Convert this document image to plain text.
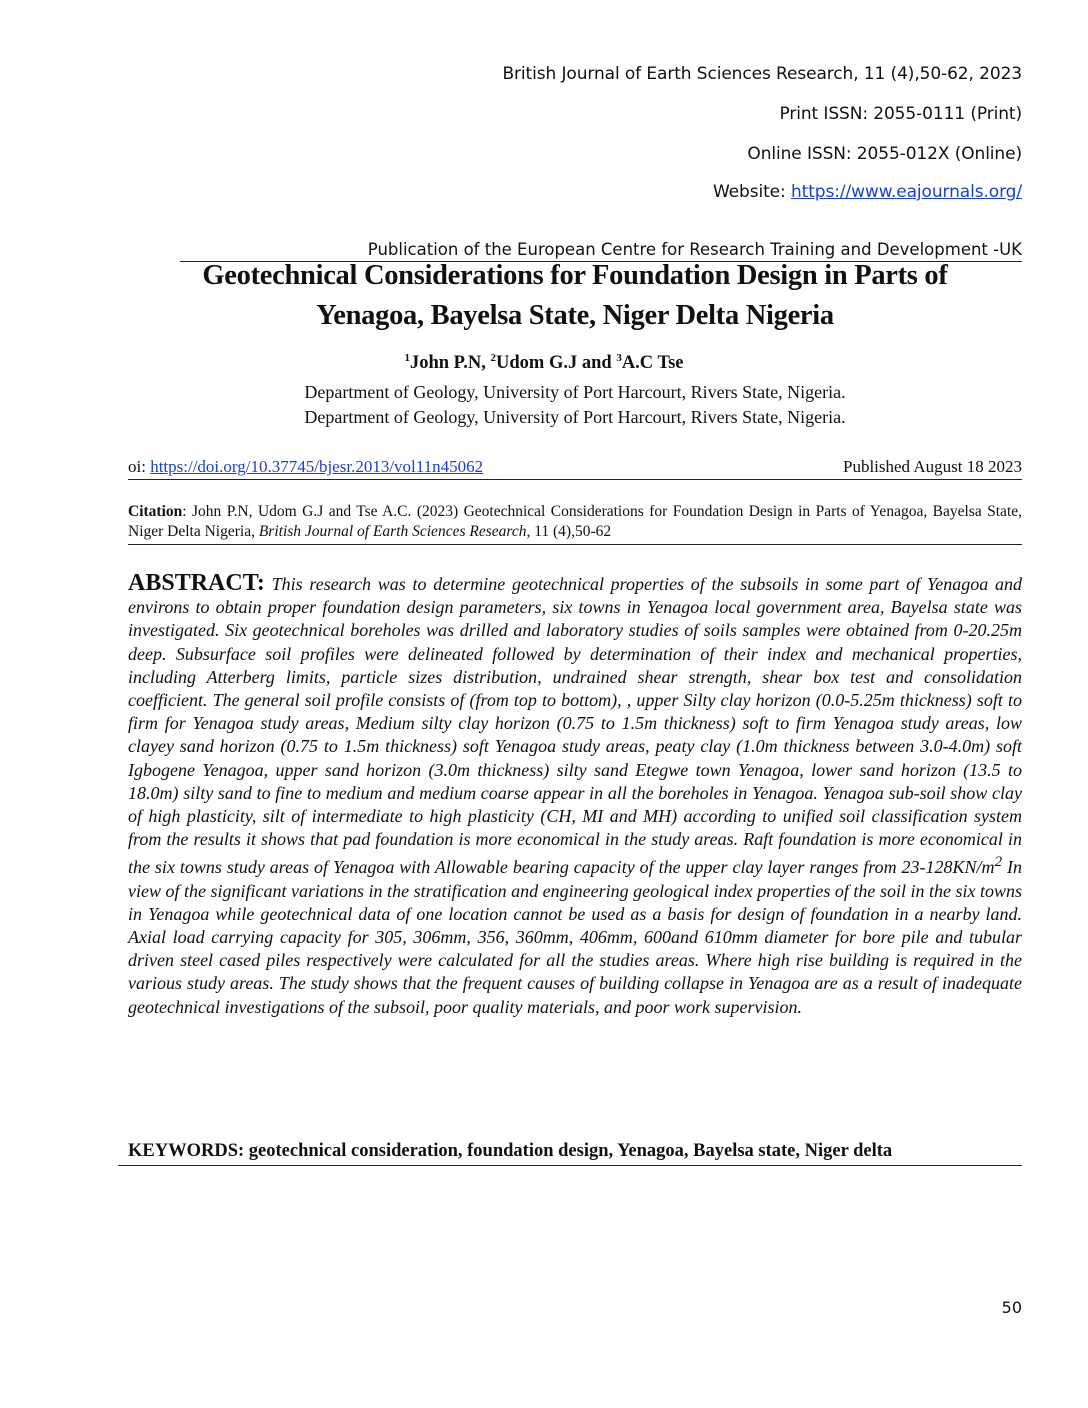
British Journal of Earth Sciences Research, 11 (4),50-62, 2023
Print ISSN: 2055-0111 (Print)
Online ISSN: 2055-012X (Online)
Website: https://www.eajournals.org/
Publication of the European Centre for Research Training and Development -UK
Geotechnical Considerations for Foundation Design in Parts of
Yenagoa, Bayelsa State, Niger Delta Nigeria
$^1$John P.N, $^2$Udom G.J and $^3$A.C Tse
Department of Geology, University of Port Harcourt, Rivers State, Nigeria.
Department of Geology, University of Port Harcourt, Rivers State, Nigeria.
oi: https://doi.org/10.37745/bjesr.2013/vol11n45062	Published August 18 2023
Citation: John P.N, Udom G.J and Tse A.C. (2023) Geotechnical Considerations for Foundation Design in Parts of Yenagoa, Bayelsa State, Niger Delta Nigeria, British Journal of Earth Sciences Research, 11 (4),50-62
ABSTRACT: This research was to determine geotechnical properties of the subsoils in some part of Yenagoa and environs to obtain proper foundation design parameters, six towns in Yenagoa local government area, Bayelsa state was investigated. Six geotechnical boreholes was drilled and laboratory studies of soils samples were obtained from 0-20.25m deep. Subsurface soil profiles were delineated followed by determination of their index and mechanical properties, including Atterberg limits, particle sizes distribution, undrained shear strength, shear box test and consolidation coefficient. The general soil profile consists of (from top to bottom), , upper Silty clay horizon (0.0-5.25m thickness) soft to firm for Yenagoa study areas, Medium silty clay horizon (0.75 to 1.5m thickness) soft to firm Yenagoa study areas, low clayey sand horizon (0.75 to 1.5m thickness) soft Yenagoa study areas, peaty clay (1.0m thickness between 3.0-4.0m) soft Igbogene Yenagoa, upper sand horizon (3.0m thickness) silty sand Etegwe town Yenagoa, lower sand horizon (13.5 to 18.0m) silty sand to fine to medium and medium coarse appear in all the boreholes in Yenagoa. Yenagoa sub-soil show clay of high plasticity, silt of intermediate to high plasticity (CH, MI and MH) according to unified soil classification system from the results it shows that pad foundation is more economical in the study areas. Raft foundation is more economical in the six towns study areas of Yenagoa with Allowable bearing capacity of the upper clay layer ranges from $23-128KN/m^2$ In view of the significant variations in the stratification and engineering geological index properties of the soil in the six towns in Yenagoa while geotechnical data of one location cannot be used as a basis for design of foundation in a nearby land. Axial load carrying capacity for 305, 306mm, 356, 360mm, 406mm, 600and 610mm diameter for bore pile and tubular driven steel cased piles respectively were calculated for all the studies areas. Where high rise building is required in the various study areas. The study shows that the frequent causes of building collapse in Yenagoa are as a result of inadequate geotechnical investigations of the subsoil, poor quality materials, and poor work supervision.
KEYWORDS: geotechnical consideration, foundation design, Yenagoa, Bayelsa state, Niger delta
50
